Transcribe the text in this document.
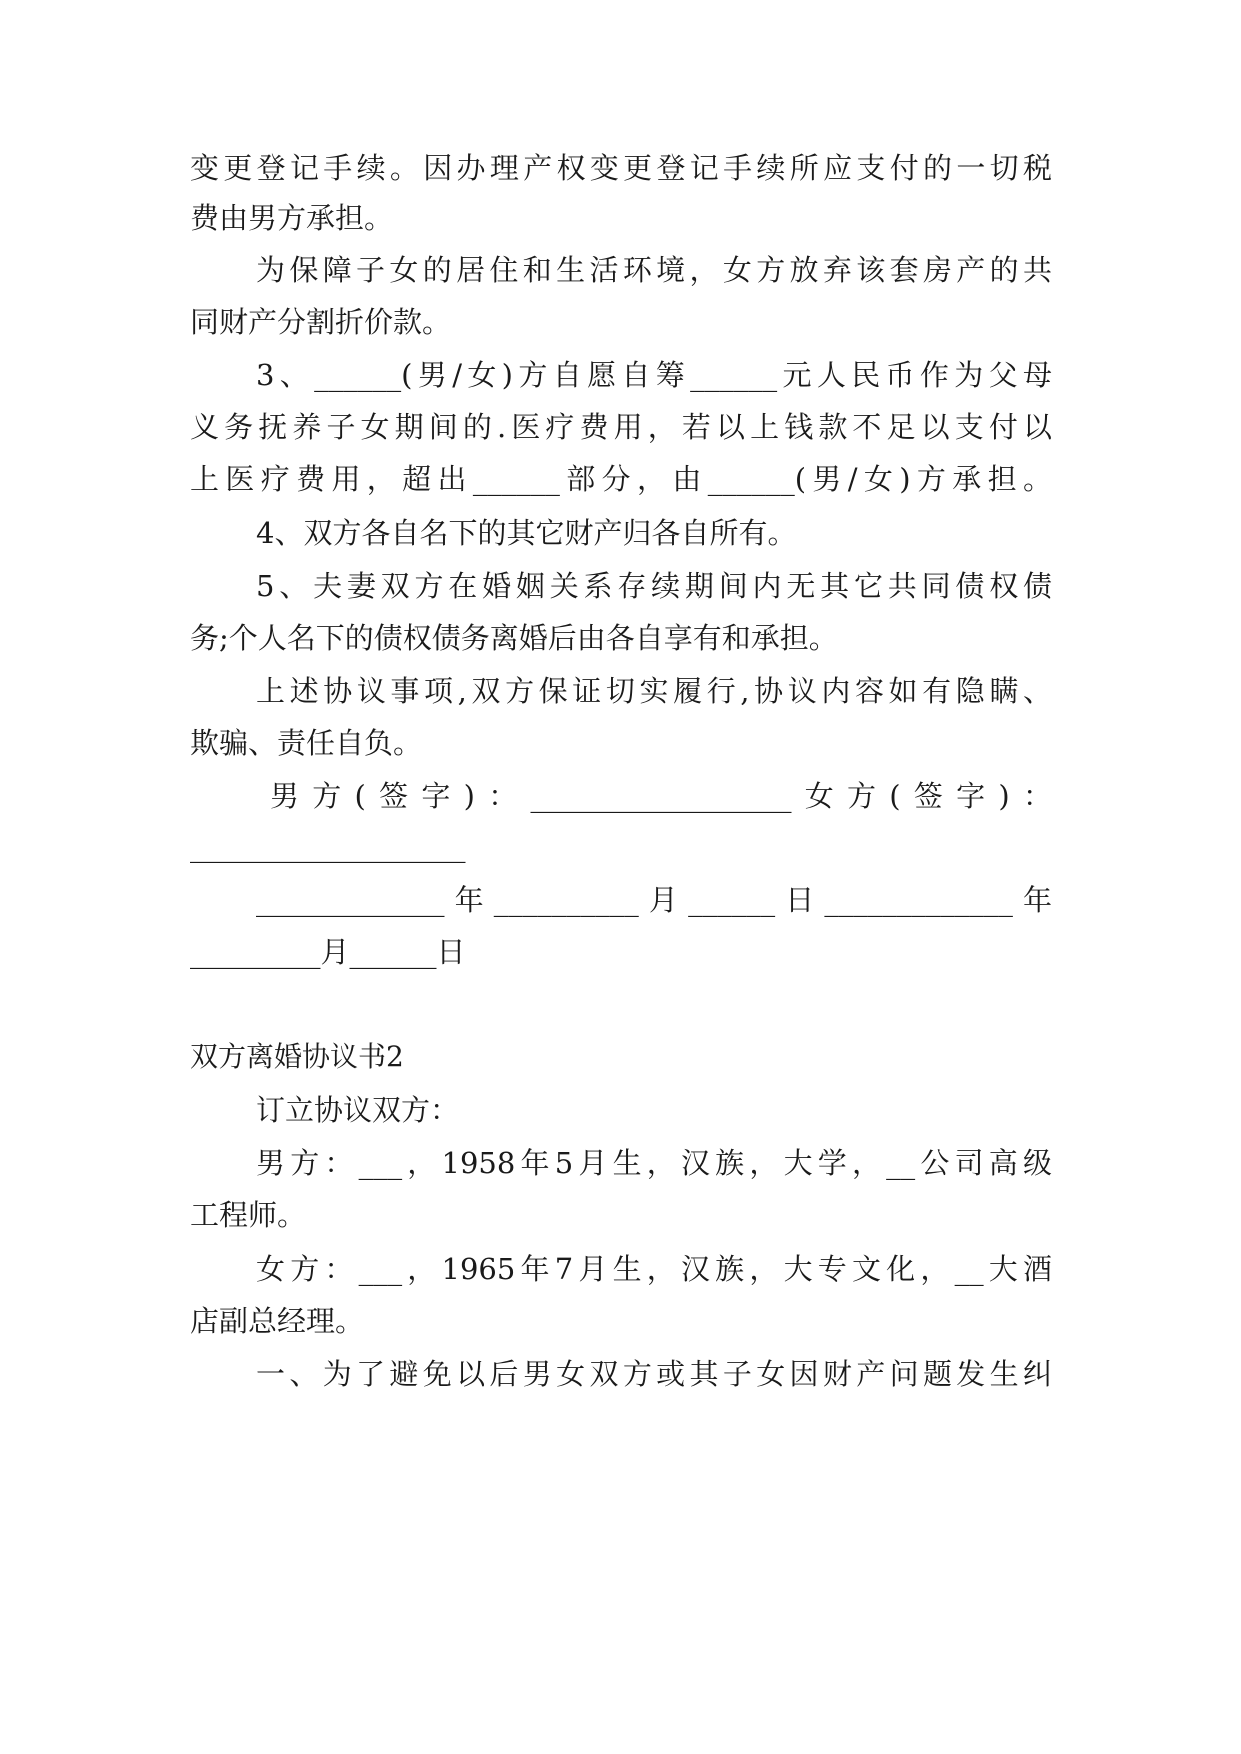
变更登记手续。因办理产权变更登记手续所应支付的一切税
费由男方承担。
为保障子女的居住和生活环境，女方放弃该套房产的共
同财产分割折价款。
3、______(男/女)方自愿自筹______元人民币作为父母
义务抚养子女期间的.医疗费用，若以上钱款不足以支付以
上医疗费用，超出______部分，由______(男/女)方承担。
4、双方各自名下的其它财产归各自所有。
5、夫妻双方在婚姻关系存续期间内无其它共同债权债
务;个人名下的债权债务离婚后由各自享有和承担。
上述协议事项,双方保证切实履行,协议内容如有隐瞒、
欺骗、责任自负。
男方(签字)：__________________女方(签字)：
___________________
_____________年__________月______日_____________年
_________月______日
双方离婚协议书2
订立协议双方：
男方：___，1958年5月生，汉族，大学，__公司高级
工程师。
女方：___，1965年7月生，汉族，大专文化，__大酒
店副总经理。
一、为了避免以后男女双方或其子女因财产问题发生纠
